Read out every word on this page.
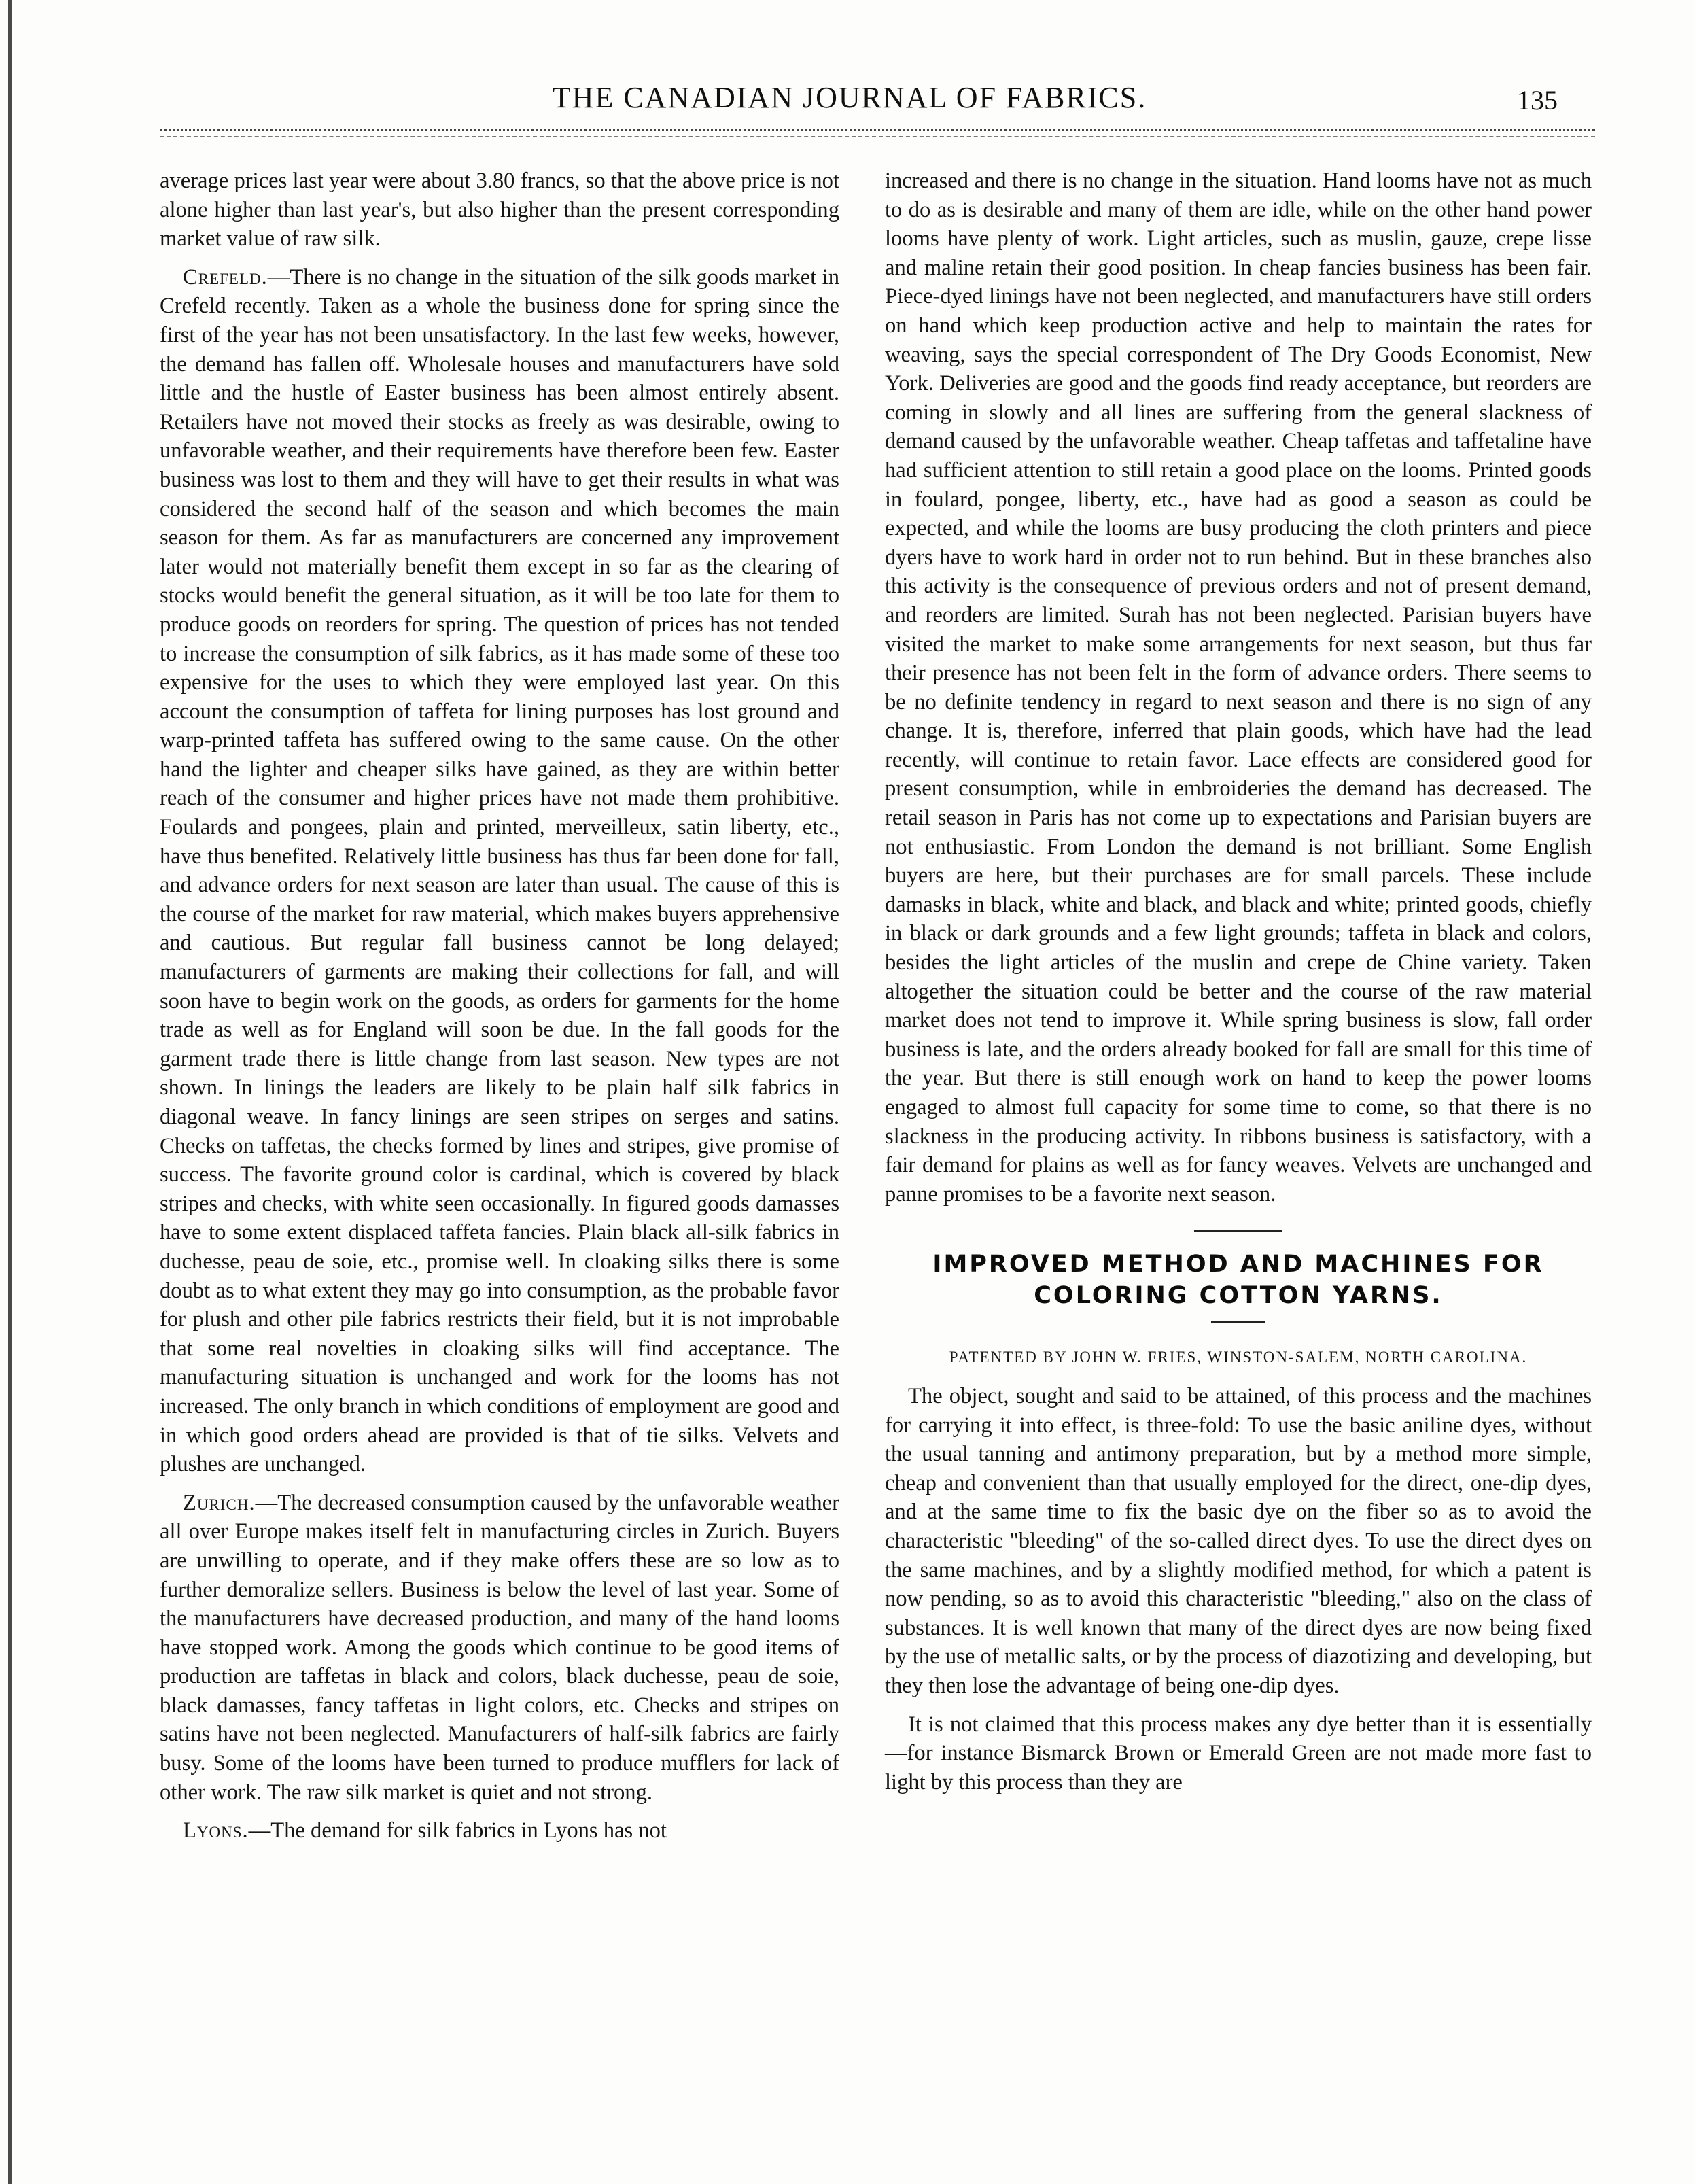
THE CANADIAN JOURNAL OF FABRICS.	135

average prices last year were about 3.80 francs, so that the above price is not alone higher than last year's, but also higher than the present corresponding market value of raw silk.

Crefeld.—There is no change in the situation of the silk goods market in Crefeld recently. Taken as a whole the business done for spring since the first of the year has not been unsatisfactory. In the last few weeks, however, the demand has fallen off. Wholesale houses and manufacturers have sold little and the hustle of Easter business has been almost entirely absent. Retailers have not moved their stocks as freely as was desirable, owing to unfavorable weather, and their requirements have therefore been few. Easter business was lost to them and they will have to get their results in what was considered the second half of the season and which becomes the main season for them. As far as manufacturers are concerned any improvement later would not materially benefit them except in so far as the clearing of stocks would benefit the general situation, as it will be too late for them to produce goods on reorders for spring. The question of prices has not tended to increase the consumption of silk fabrics, as it has made some of these too expensive for the uses to which they were employed last year. On this account the consumption of taffeta for lining purposes has lost ground and warp-printed taffeta has suffered owing to the same cause. On the other hand the lighter and cheaper silks have gained, as they are within better reach of the consumer and higher prices have not made them prohibitive. Foulards and pongees, plain and printed, merveilleux, satin liberty, etc., have thus benefited. Relatively little business has thus far been done for fall, and advance orders for next season are later than usual. The cause of this is the course of the market for raw material, which makes buyers apprehensive and cautious. But regular fall business cannot be long delayed; manufacturers of garments are making their collections for fall, and will soon have to begin work on the goods, as orders for garments for the home trade as well as for England will soon be due. In the fall goods for the garment trade there is little change from last season. New types are not shown. In linings the leaders are likely to be plain half silk fabrics in diagonal weave. In fancy linings are seen stripes on serges and satins. Checks on taffetas, the checks formed by lines and stripes, give promise of success. The favorite ground color is cardinal, which is covered by black stripes and checks, with white seen occasionally. In figured goods damasses have to some extent displaced taffeta fancies. Plain black all-silk fabrics in duchesse, peau de soie, etc., promise well. In cloaking silks there is some doubt as to what extent they may go into consumption, as the probable favor for plush and other pile fabrics restricts their field, but it is not improbable that some real novelties in cloaking silks will find acceptance. The manufacturing situation is unchanged and work for the looms has not increased. The only branch in which conditions of employment are good and in which good orders ahead are provided is that of tie silks. Velvets and plushes are unchanged.

Zurich.—The decreased consumption caused by the unfavorable weather all over Europe makes itself felt in manufacturing circles in Zurich. Buyers are unwilling to operate, and if they make offers these are so low as to further demoralize sellers. Business is below the level of last year. Some of the manufacturers have decreased production, and many of the hand looms have stopped work. Among the goods which continue to be good items of production are taffetas in black and colors, black duchesse, peau de soie, black damasses, fancy taffetas in light colors, etc. Checks and stripes on satins have not been neglected. Manufacturers of half-silk fabrics are fairly busy. Some of the looms have been turned to produce mufflers for lack of other work. The raw silk market is quiet and not strong.

Lyons.—The demand for silk fabrics in Lyons has not

increased and there is no change in the situation. Hand looms have not as much to do as is desirable and many of them are idle, while on the other hand power looms have plenty of work. Light articles, such as muslin, gauze, crepe lisse and maline retain their good position. In cheap fancies business has been fair. Piece-dyed linings have not been neglected, and manufacturers have still orders on hand which keep production active and help to maintain the rates for weaving, says the special correspondent of The Dry Goods Economist, New York. Deliveries are good and the goods find ready acceptance, but reorders are coming in slowly and all lines are suffering from the general slackness of demand caused by the unfavorable weather. Cheap taffetas and taffetaline have had sufficient attention to still retain a good place on the looms. Printed goods in foulard, pongee, liberty, etc., have had as good a season as could be expected, and while the looms are busy producing the cloth printers and piece dyers have to work hard in order not to run behind. But in these branches also this activity is the consequence of previous orders and not of present demand, and reorders are limited. Surah has not been neglected. Parisian buyers have visited the market to make some arrangements for next season, but thus far their presence has not been felt in the form of advance orders. There seems to be no definite tendency in regard to next season and there is no sign of any change. It is, therefore, inferred that plain goods, which have had the lead recently, will continue to retain favor. Lace effects are considered good for present consumption, while in embroideries the demand has decreased. The retail season in Paris has not come up to expectations and Parisian buyers are not enthusiastic. From London the demand is not brilliant. Some English buyers are here, but their purchases are for small parcels. These include damasks in black, white and black, and black and white; printed goods, chiefly in black or dark grounds and a few light grounds; taffeta in black and colors, besides the light articles of the muslin and crepe de Chine variety. Taken altogether the situation could be better and the course of the raw material market does not tend to improve it. While spring business is slow, fall order business is late, and the orders already booked for fall are small for this time of the year. But there is still enough work on hand to keep the power looms engaged to almost full capacity for some time to come, so that there is no slackness in the producing activity. In ribbons business is satisfactory, with a fair demand for plains as well as for fancy weaves. Velvets are unchanged and panne promises to be a favorite next season.

IMPROVED METHOD AND MACHINES FOR
COLORING COTTON YARNS.

PATENTED BY JOHN W. FRIES, WINSTON-SALEM, NORTH CAROLINA.

The object, sought and said to be attained, of this process and the machines for carrying it into effect, is three-fold: To use the basic aniline dyes, without the usual tanning and antimony preparation, but by a method more simple, cheap and convenient than that usually employed for the direct, one-dip dyes, and at the same time to fix the basic dye on the fiber so as to avoid the characteristic "bleeding" of the so-called direct dyes. To use the direct dyes on the same machines, and by a slightly modified method, for which a patent is now pending, so as to avoid this characteristic "bleeding," also on the class of substances. It is well known that many of the direct dyes are now being fixed by the use of metallic salts, or by the process of diazotizing and developing, but they then lose the advantage of being one-dip dyes.

It is not claimed that this process makes any dye better than it is essentially—for instance Bismarck Brown or Emerald Green are not made more fast to light by this process than they are
